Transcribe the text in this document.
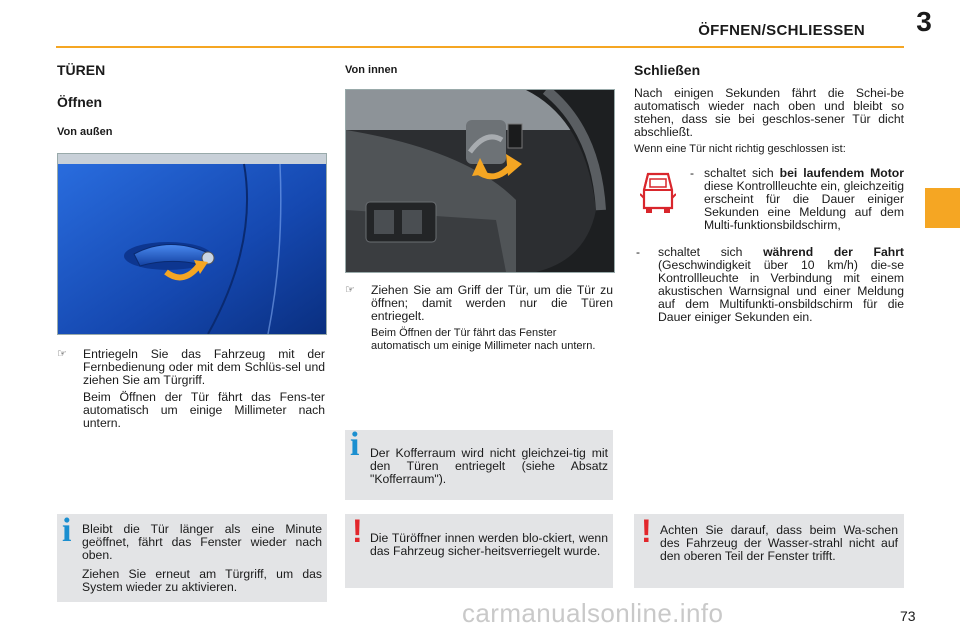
ÖFFNEN/SCHLIESSEN	3
TÜREN
Öffnen
Von außen
☞	Entriegeln Sie das Fahrzeug mit der Fernbedienung oder mit dem Schlüs-sel und ziehen Sie am Türgriff.
Beim Öffnen der Tür fährt das Fens-ter automatisch um einige Millimeter nach untern.
i Bleibt die Tür länger als eine Minute geöffnet, fährt das Fenster wieder nach oben.
Ziehen Sie erneut am Türgriff, um das System wieder zu aktivieren.
Von innen
☞	Ziehen Sie am Griff der Tür, um die Tür zu öffnen; damit werden nur die Türen entriegelt.
Beim Öffnen der Tür fährt das Fenster automatisch um einige Millimeter nach untern.
i Der Kofferraum wird nicht gleichzei-tig mit den Türen entriegelt (siehe Absatz "Kofferraum").
! Die Türöffner innen werden blo-ckiert, wenn das Fahrzeug sicher-heitsverriegelt wurde.
Schließen
Nach einigen Sekunden fährt die Schei-be automatisch wieder nach oben und bleibt so stehen, dass sie bei geschlos-sener Tür dicht abschließt.
Wenn eine Tür nicht richtig geschlossen ist:
- schaltet sich bei laufendem Motor diese Kontrollleuchte ein, gleichzeitig erscheint für die Dauer einiger Sekunden eine Meldung auf dem Multi-funktionsbildschirm,
-	schaltet sich während der Fahrt (Geschwindigkeit über 10 km/h) die-se Kontrollleuchte in Verbindung mit einem akustischen Warnsignal und einer Meldung auf dem Multifunkti-onsbildschirm für die Dauer einiger Sekunden ein.
! Achten Sie darauf, dass beim Wa-schen des Fahrzeug der Wasser-strahl nicht auf den oberen Teil der Fenster trifft.
carmanualsonline.info	73
